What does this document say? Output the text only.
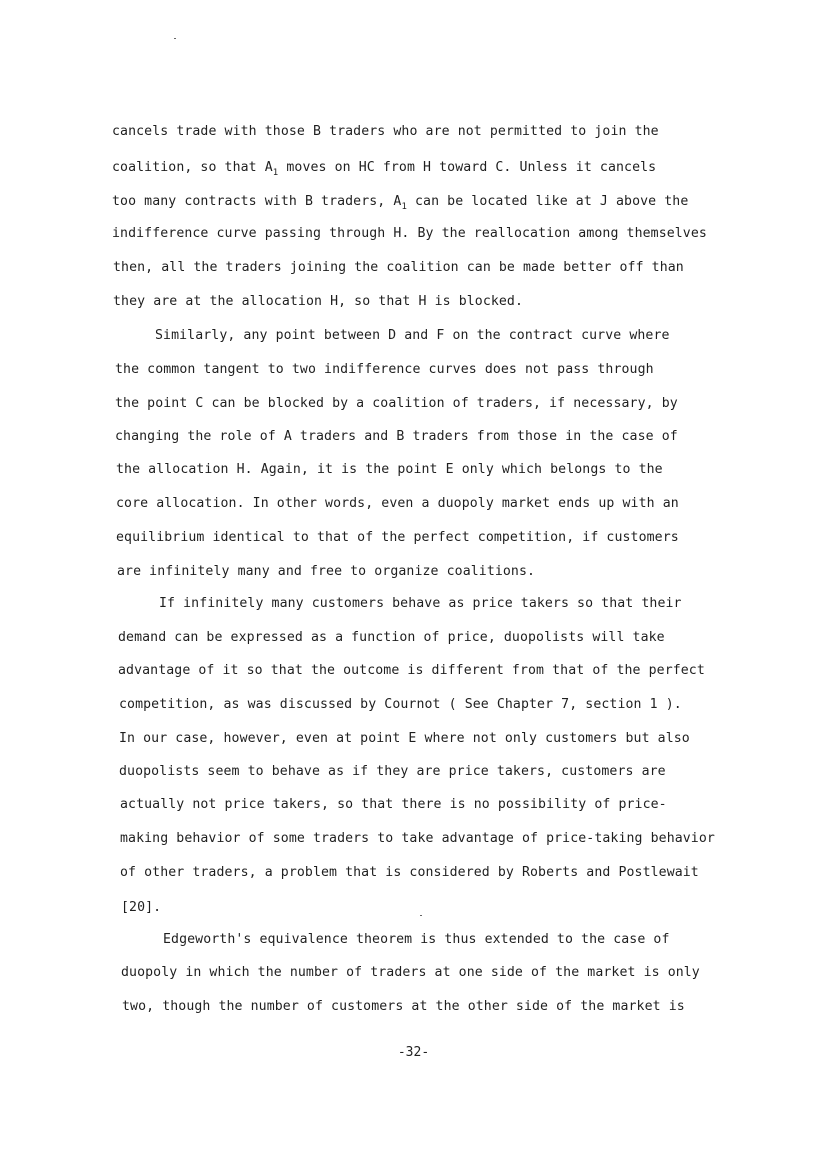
cancels trade with those B traders who are not permitted to join the
coalition, so that $A_1$ moves on HC from H toward C. Unless it cancels
too many contracts with B traders, $A_1$ can be located like at J above the
indifference curve passing through H. By the reallocation among themselves
then, all the traders joining the coalition can be made better off than
they are at the allocation H, so that H is blocked.
Similarly, any point between D and F on the contract curve where
the common tangent to two indifference curves does not pass through
the point C can be blocked by a coalition of traders, if necessary, by
changing the role of A traders and B traders from those in the case of
the allocation H. Again, it is the point E only which belongs to the
core allocation. In other words, even a duopoly market ends up with an
equilibrium identical to that of the perfect competition, if customers
are infinitely many and free to organize coalitions.
If infinitely many customers behave as price takers so that their
demand can be expressed as a function of price, duopolists will take
advantage of it so that the outcome is different from that of the perfect
competition, as was discussed by Cournot ( See Chapter 7, section 1 ).
In our case, however, even at point E where not only customers but also
duopolists seem to behave as if they are price takers, customers are
actually not price takers, so that there is no possibility of price-
making behavior of some traders to take advantage of price-taking behavior
of other traders, a problem that is considered by Roberts and Postlewait
[20].
Edgeworth's equivalence theorem is thus extended to the case of
duopoly in which the number of traders at one side of the market is only
two, though the number of customers at the other side of the market is
-32-
